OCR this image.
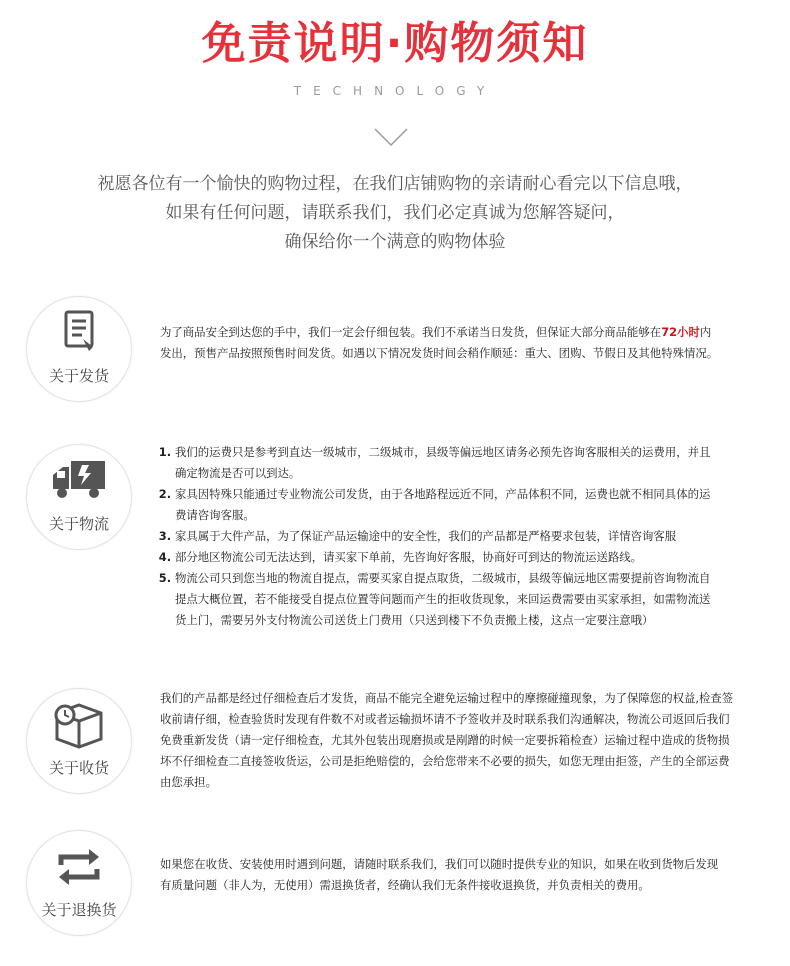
免责说明·购物须知
TECHNOLOGY
祝愿各位有一个愉快的购物过程，在我们店铺购物的亲请耐心看完以下信息哦，
如果有任何问题，请联系我们，我们必定真诚为您解答疑问，
确保给你一个满意的购物体验
关于发货

为了商品安全到达您的手中，我们一定会仔细包装。我们不承诺当日发货，但保证大部分商品能够在72小时内发出，预售产品按照预售时间发货。如遇以下情况发货时间会稍作顺延：重大、团购、节假日及其他特殊情况。

关于物流
1. 我们的运费只是参考到直达一级城市，二级城市，县级等偏远地区请务必预先咨询客服相关的运费用，并且确定物流是否可以到达。
2. 家具因特殊只能通过专业物流公司发货，由于各地路程远近不同，产品体积不同，运费也就不相同具体的运费请咨询客服。
3. 家具属于大件产品，为了保证产品运输途中的安全性，我们的产品都是严格要求包装，详情咨询客服
4. 部分地区物流公司无法达到，请买家下单前，先咨询好客服，协商好可到达的物流运送路线。
5. 物流公司只到您当地的物流自提点，需要买家自提点取货，二级城市，县级等偏远地区需要提前咨询物流自提点大概位置，若不能接受自提点位置等问题而产生的拒收货现象，来回运费需要由买家承担，如需物流送货上门，需要另外支付物流公司送货上门费用（只送到楼下不负责搬上楼，这点一定要注意哦）
关于收货

我们的产品都是经过仔细检查后才发货，商品不能完全避免运输过程中的摩擦碰撞现象，为了保障您的权益,检查签收前请仔细，检查验货时发现有件数不对或者运输损坏请不予签收并及时联系我们沟通解决，物流公司返回后我们免费重新发货（请一定仔细检查，尤其外包装出现磨损或是剐蹭的时候一定要拆箱检查）运输过程中造成的货物损坏不仔细检查二直接签收货运，公司是拒绝赔偿的，会给您带来不必要的损失，如您无理由拒签，产生的全部运费由您承担。

关于退换货

如果您在收货、安装使用时遇到问题，请随时联系我们，我们可以随时提供专业的知识，如果在收到货物后发现有质量问题（非人为，无使用）需退换货者，经确认我们无条件接收退换货，并负责相关的费用。
